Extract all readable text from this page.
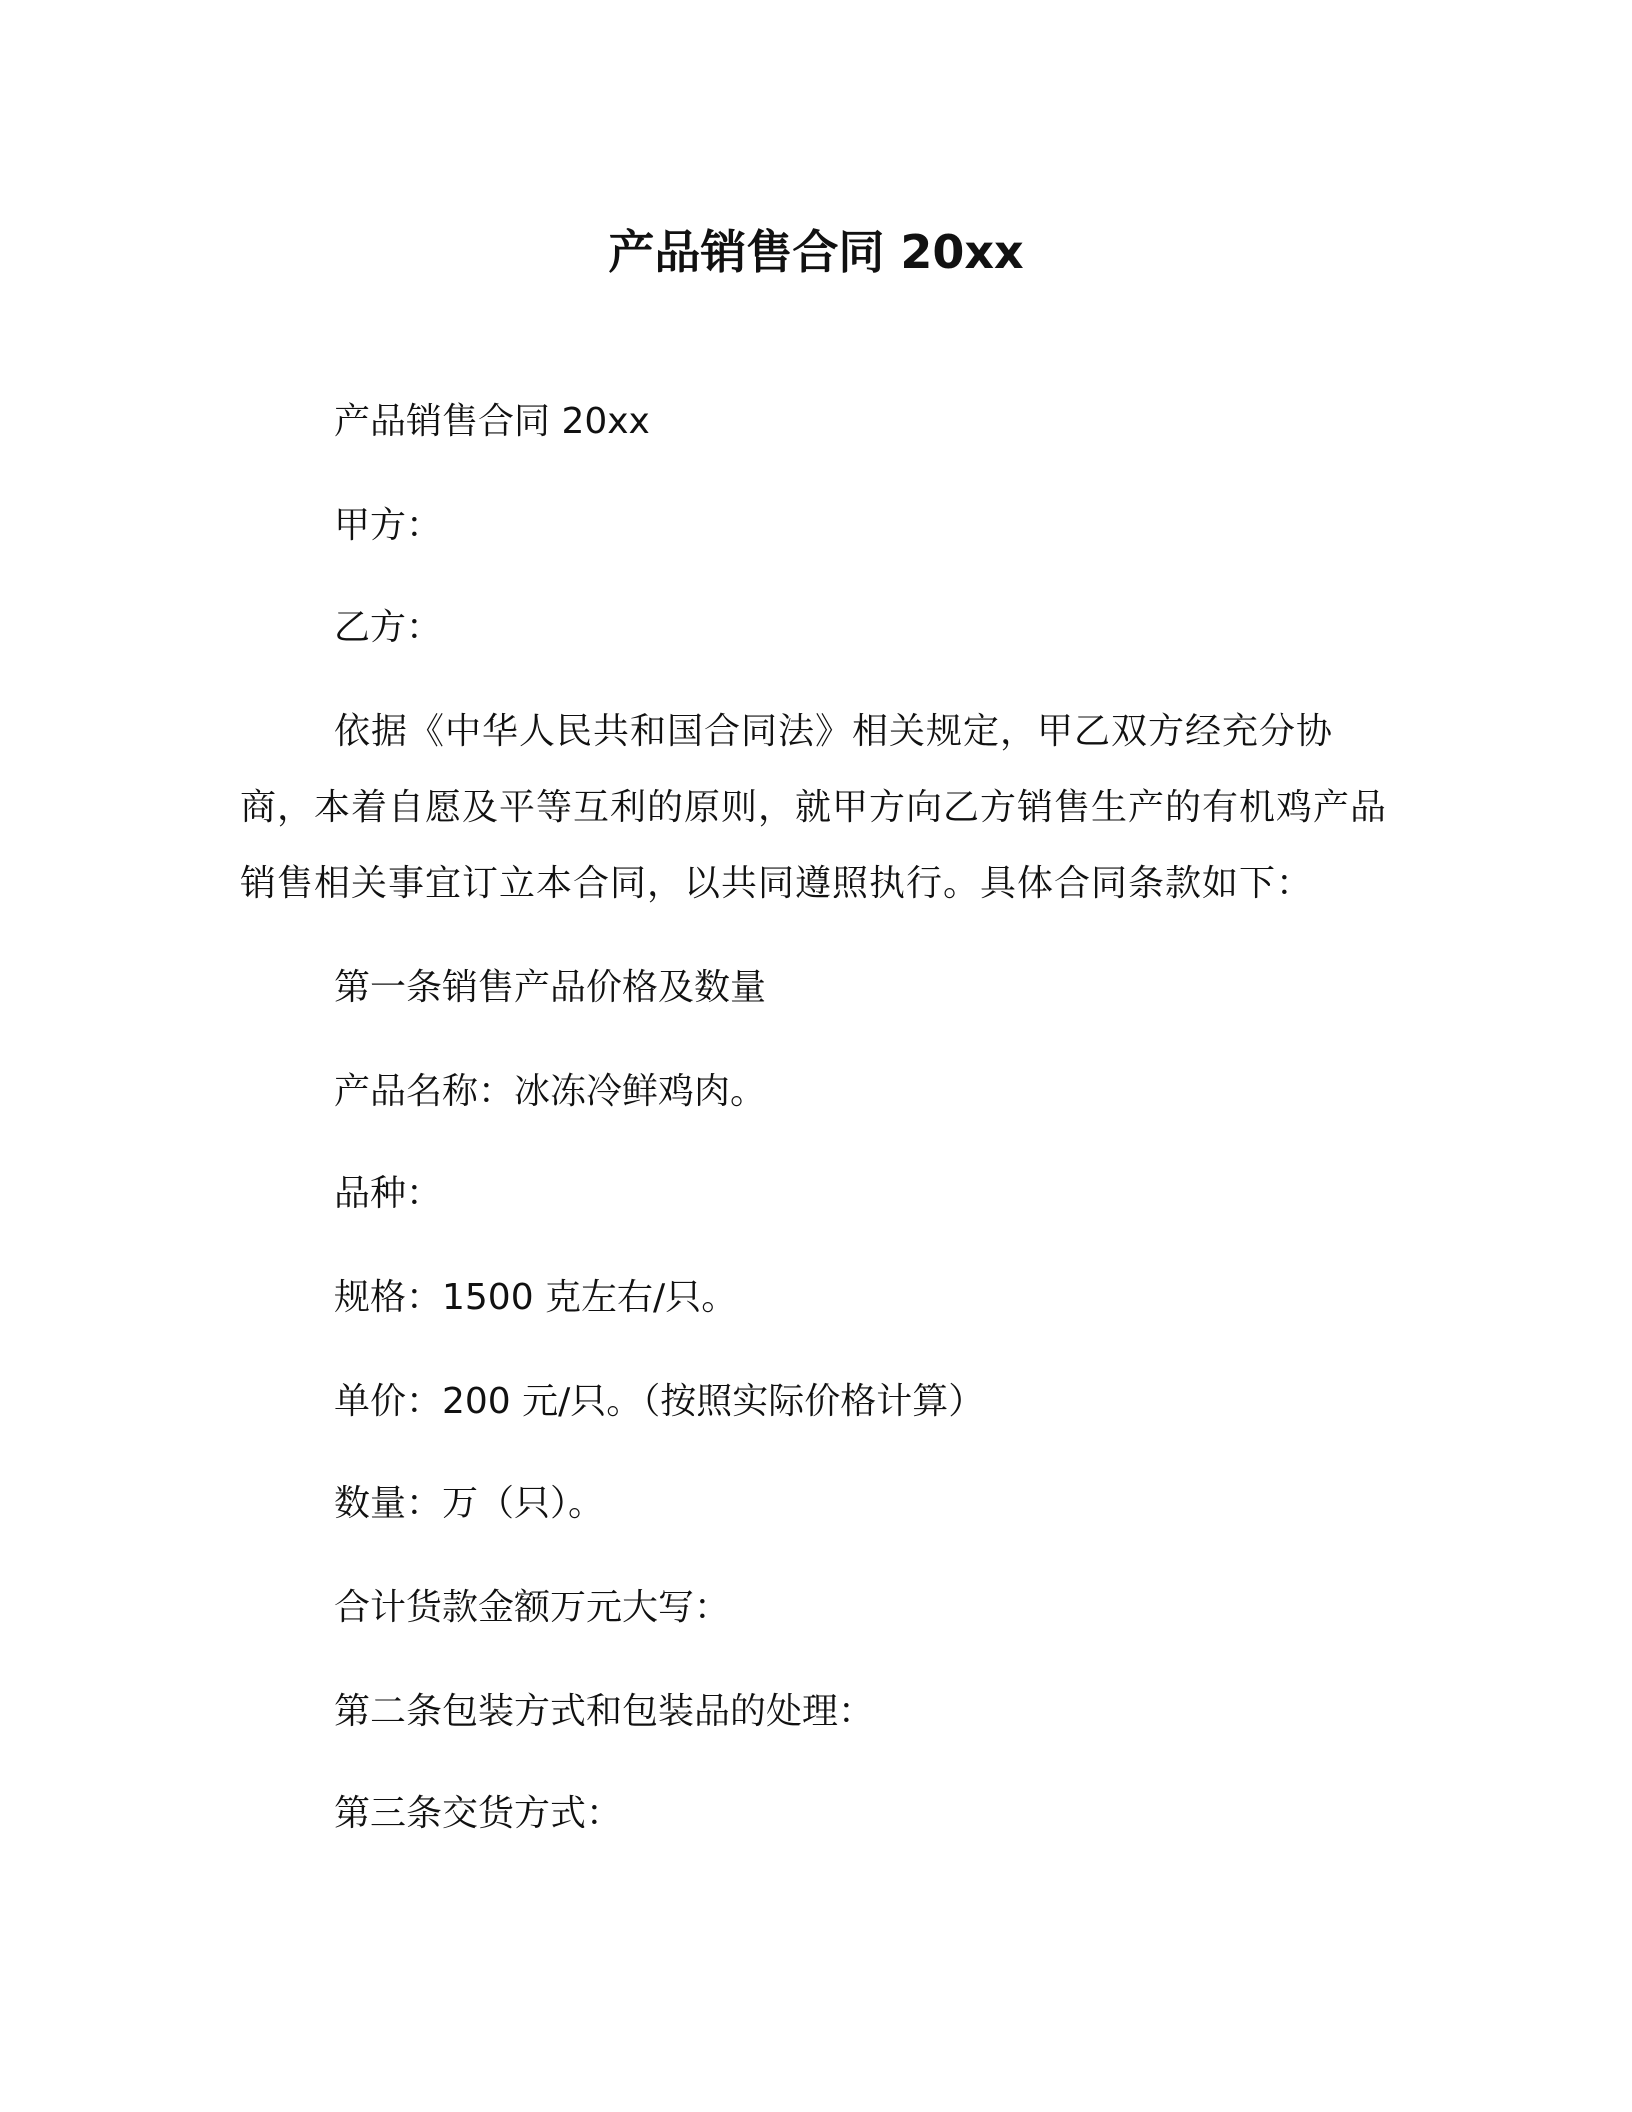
产品销售合同 20xx
产品销售合同 20xx
甲方：
乙方：
依据《中华人民共和国合同法》相关规定，甲乙双方经充分协商，本着自愿及平等互利的原则，就甲方向乙方销售生产的有机鸡产品销售相关事宜订立本合同，以共同遵照执行。具体合同条款如下：
第一条销售产品价格及数量
产品名称：冰冻冷鲜鸡肉。
品种：
规格：1500 克左右/只。
单价：200 元/只。（按照实际价格计算）
数量：万（只）。
合计货款金额万元大写：
第二条包装方式和包装品的处理：
第三条交货方式：
